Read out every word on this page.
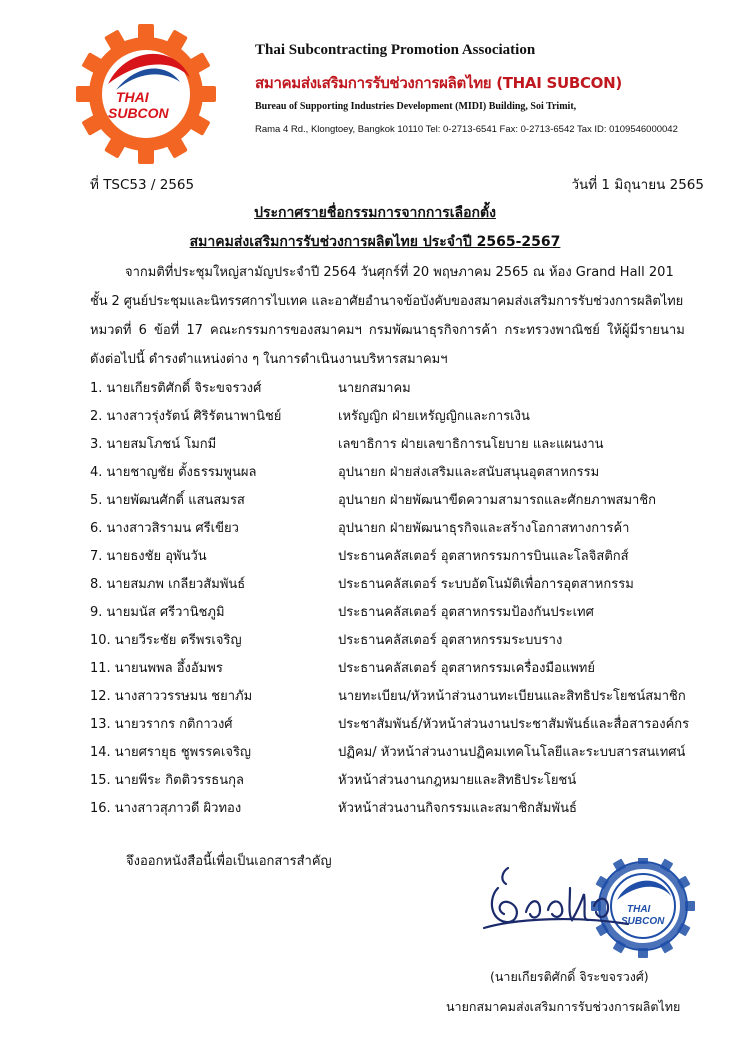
THAI
SUBCON
Thai Subcontracting Promotion Association
สมาคมส่งเสริมการรับช่วงการผลิตไทย (THAI SUBCON)
Bureau of Supporting Industries Development (MIDI) Building, Soi Trimit,
Rama 4 Rd., Klongtoey, Bangkok 10110 Tel: 0-2713-6541 Fax: 0-2713-6542 Tax ID: 0109546000042
ที่ TSC53 / 2565	วันที่ 1 มิถุนายน 2565
ประกาศรายชื่อกรรมการจากการเลือกตั้ง
สมาคมส่งเสริมการรับช่วงการผลิตไทย ประจำปี 2565-2567
จากมติที่ประชุมใหญ่สามัญประจำปี 2564 วันศุกร์ที่ 20 พฤษภาคม 2565 ณ ห้อง Grand Hall 201
ชั้น 2 ศูนย์ประชุมและนิทรรศการไบเทค และอาศัยอำนาจข้อบังคับของสมาคมส่งเสริมการรับช่วงการผลิตไทย
หมวดที่ 6 ข้อที่ 17 คณะกรรมการของสมาคมฯ กรมพัฒนาธุรกิจการค้า กระทรวงพาณิชย์ ให้ผู้มีรายนาม
ดังต่อไปนี้ ดำรงตำแหน่งต่าง ๆ ในการดำเนินงานบริหารสมาคมฯ
1. นายเกียรติศักดิ์ จิระขจรวงศ์	นายกสมาคม
2. นางสาวรุ่งรัตน์ ศิริรัตนาพานิชย์	เหรัญญิก ฝ่ายเหรัญญิกและการเงิน
3. นายสมโภชน์ โมกมี	เลขาธิการ ฝ่ายเลขาธิการนโยบาย และแผนงาน
4. นายชาญชัย ตั้งธรรมพูนผล	อุปนายก ฝ่ายส่งเสริมและสนับสนุนอุตสาหกรรม
5. นายพัฒนศักดิ์ แสนสมรส	อุปนายก ฝ่ายพัฒนาขีดความสามารถและศักยภาพสมาชิก
6. นางสาวสิรามน ศรีเขียว	อุปนายก ฝ่ายพัฒนาธุรกิจและสร้างโอกาสทางการค้า
7. นายธงชัย อุพันวัน	ประธานคลัสเตอร์ อุตสาหกรรมการบินและโลจิสติกส์
8. นายสมภพ เกลียวสัมพันธ์	ประธานคลัสเตอร์ ระบบอัตโนมัติเพื่อการอุตสาหกรรม
9. นายมนัส ศรีวานิชภูมิ	ประธานคลัสเตอร์ อุตสาหกรรมป้องกันประเทศ
10. นายวีระชัย ตรีพรเจริญ	ประธานคลัสเตอร์ อุตสาหกรรมระบบราง
11. นายนพพล อึ้งอัมพร	ประธานคลัสเตอร์ อุตสาหกรรมเครื่องมือแพทย์
12. นางสาววรรษมน ชยาภัม	นายทะเบียน/หัวหน้าส่วนงานทะเบียนและสิทธิประโยชน์สมาชิก
13. นายวรากร กติกาวงศ์	ประชาสัมพันธ์/หัวหน้าส่วนงานประชาสัมพันธ์และสื่อสารองค์กร
14. นายศรายุธ ชูพรรคเจริญ	ปฏิคม/ หัวหน้าส่วนงานปฏิคมเทคโนโลยีและระบบสารสนเทศน์
15. นายพีระ กิตติวรรธนกุล	หัวหน้าส่วนงานกฎหมายและสิทธิประโยชน์
16. นางสาวสุภาวดี ผิวทอง	หัวหน้าส่วนงานกิจกรรมและสมาชิกสัมพันธ์
จึงออกหนังสือนี้เพื่อเป็นเอกสารสำคัญ
THAI
SUBCON
(นายเกียรติศักดิ์ จิระขจรวงศ์)
นายกสมาคมส่งเสริมการรับช่วงการผลิตไทย
